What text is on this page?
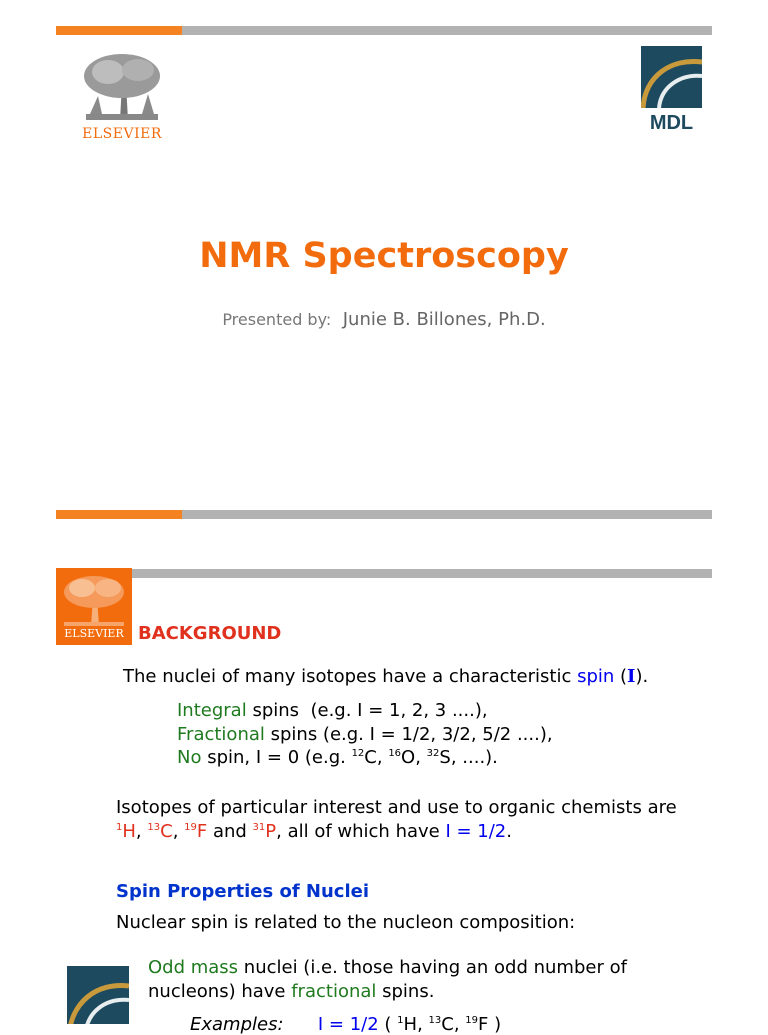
ELSEVIER	MDL
NMR Spectroscopy
Presented by: Junie B. Billones, Ph.D.
ELSEVIER BACKGROUND
The nuclei of many isotopes have a characteristic spin (I).
Integral spins  (e.g. I = 1, 2, 3 ....),
Fractional spins (e.g. I = 1/2, 3/2, 5/2 ....),
No spin, I = 0 (e.g. $^{12}$C, $^{16}$O, $^{32}$S, ....).
Isotopes of particular interest and use to organic chemists are
$^1$H, $^{13}$C, $^{19}$F and $^{31}$P, all of which have I = 1/2.
Spin Properties of Nuclei
Nuclear spin is related to the nucleon composition:
Odd mass nuclei (i.e. those having an odd number of
nucleons) have fractional spins.
Examples: I = 1/2 ( $^1$H, $^{13}$C, $^{19}$F )
